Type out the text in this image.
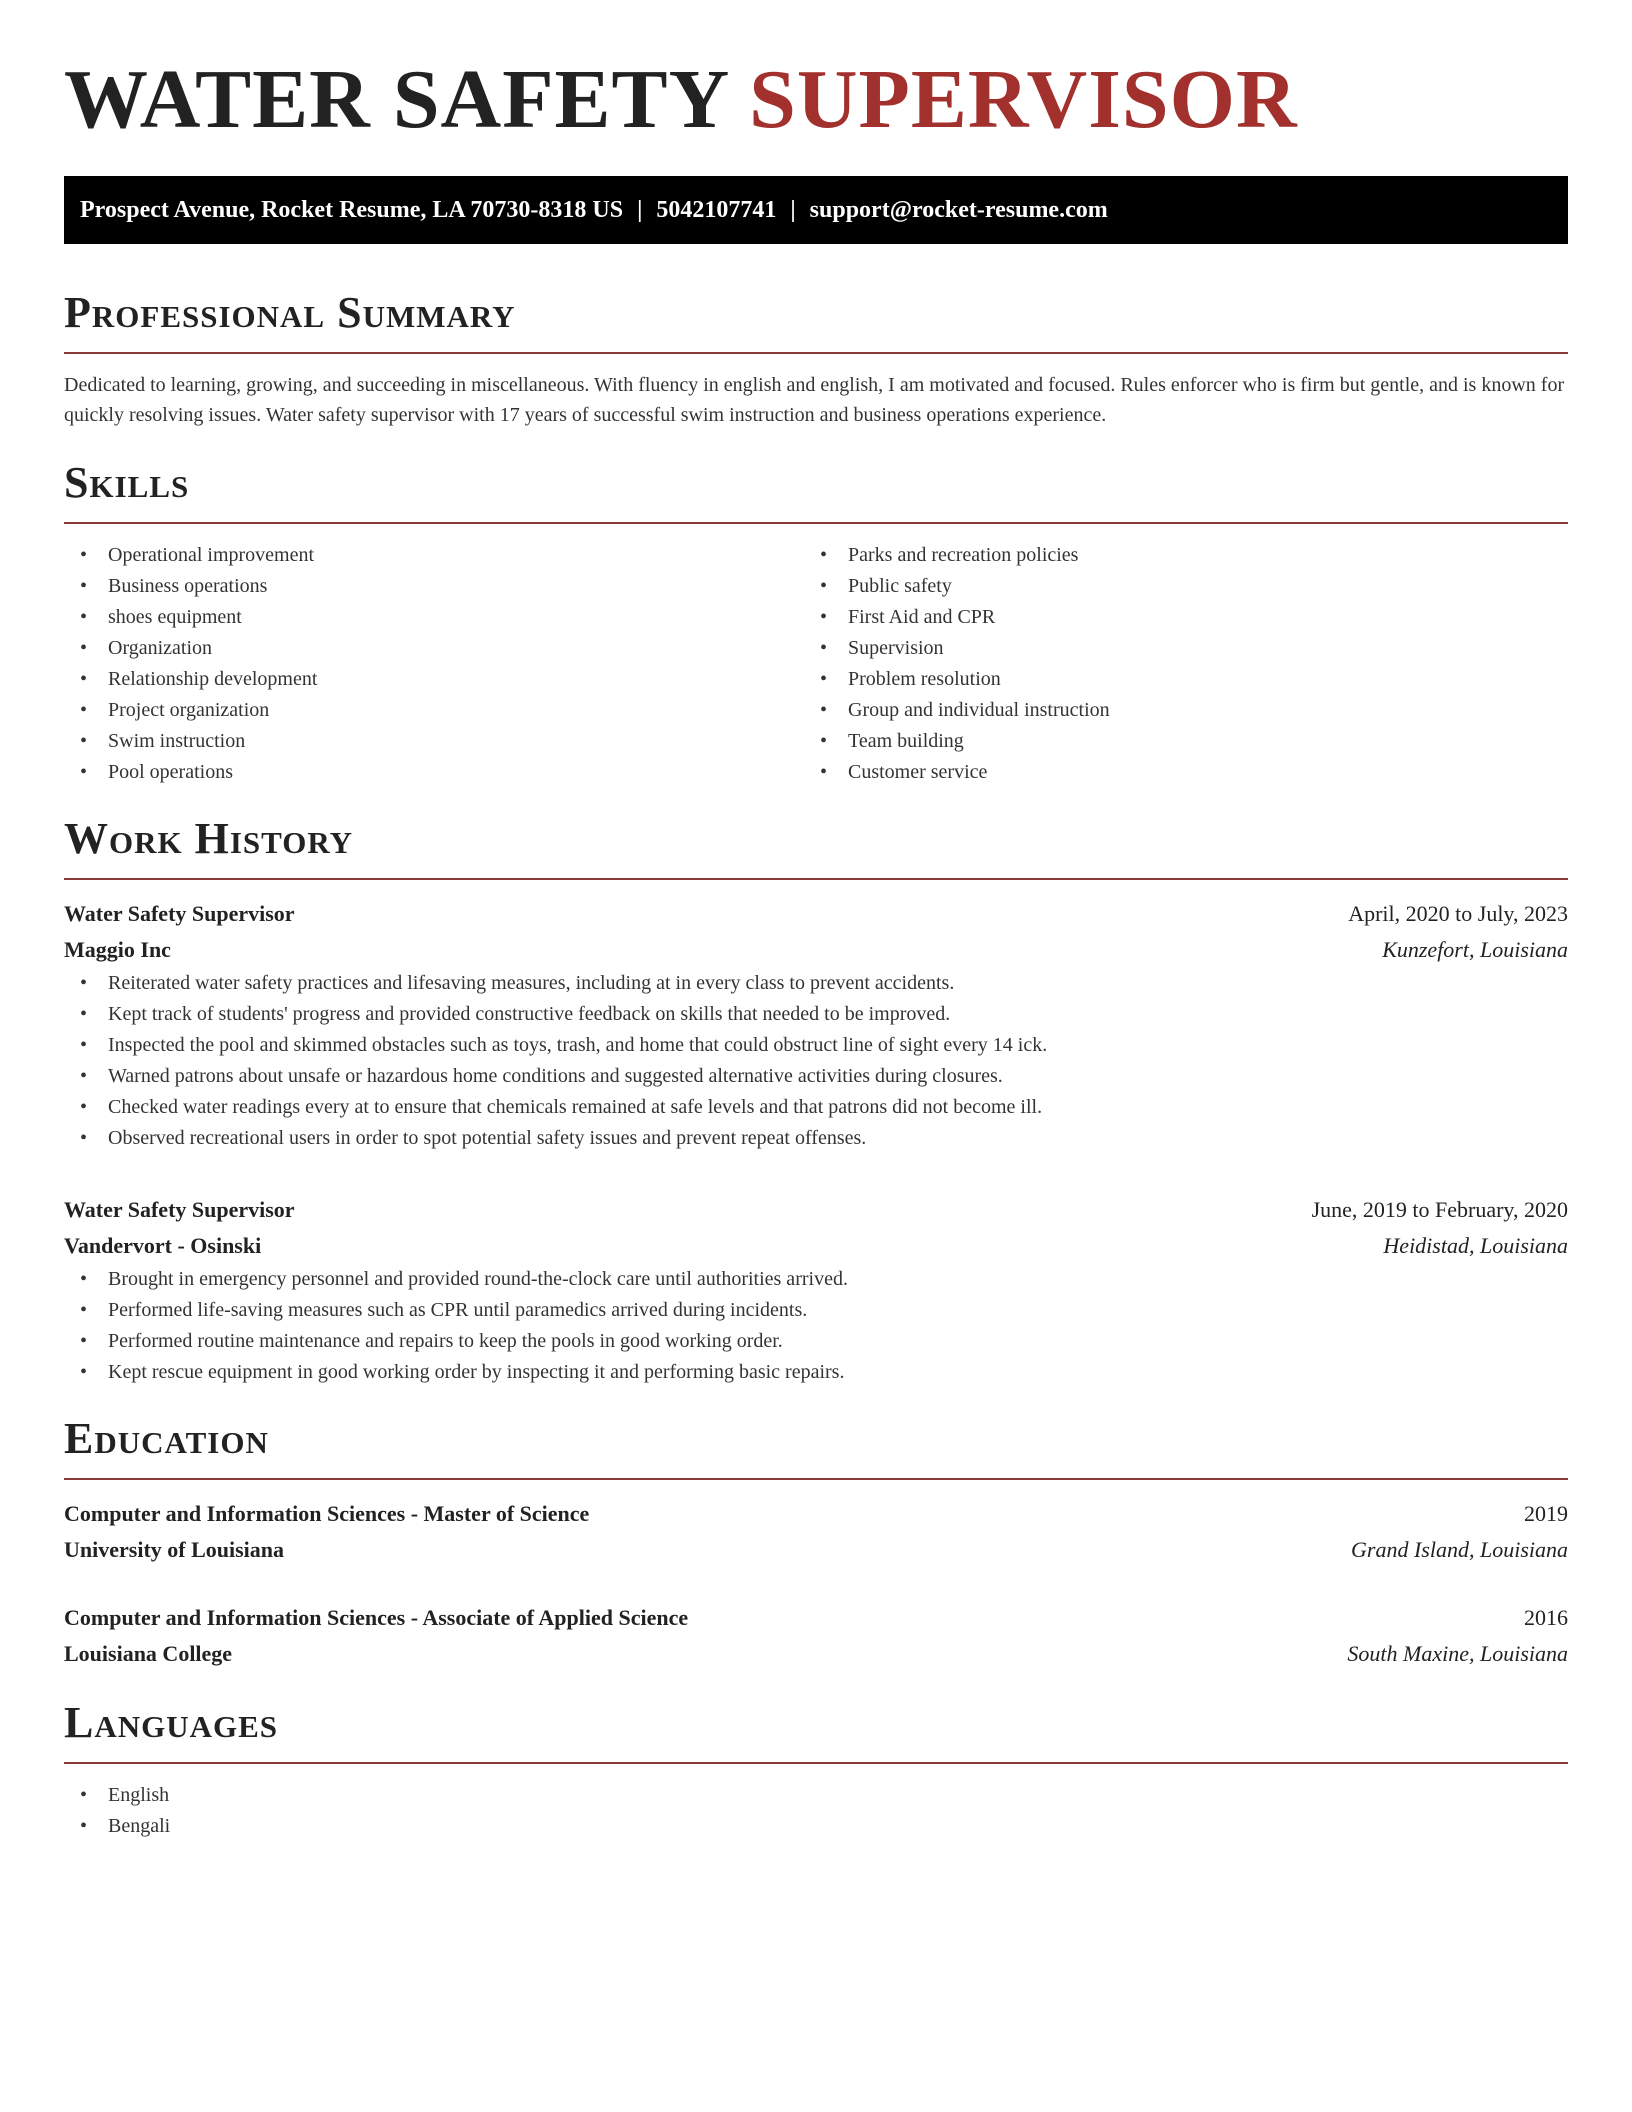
WATER SAFETY SUPERVISOR
Prospect Avenue, Rocket Resume, LA 70730-8318 US | 5042107741 | support@rocket-resume.com
Professional Summary

Dedicated to learning, growing, and succeeding in miscellaneous. With fluency in english and english, I am motivated and focused. Rules enforcer who is firm but gentle, and is known for quickly resolving issues. Water safety supervisor with 17 years of successful swim instruction and business operations experience.

Skills
• Operational improvement
• Business operations
• shoes equipment
• Organization
• Relationship development
• Project organization
• Swim instruction
• Pool operations
• Parks and recreation policies
• Public safety
• First Aid and CPR
• Supervision
• Problem resolution
• Group and individual instruction
• Team building
• Customer service
Work History
Water Safety Supervisor	April, 2020 to July, 2023
Maggio Inc	Kunzefort, Louisiana
• Reiterated water safety practices and lifesaving measures, including at in every class to prevent accidents.
• Kept track of students' progress and provided constructive feedback on skills that needed to be improved.
• Inspected the pool and skimmed obstacles such as toys, trash, and home that could obstruct line of sight every 14 ick.
• Warned patrons about unsafe or hazardous home conditions and suggested alternative activities during closures.
• Checked water readings every at to ensure that chemicals remained at safe levels and that patrons did not become ill.
• Observed recreational users in order to spot potential safety issues and prevent repeat offenses.
Water Safety Supervisor	June, 2019 to February, 2020
Vandervort - Osinski	Heidistad, Louisiana
• Brought in emergency personnel and provided round-the-clock care until authorities arrived.
• Performed life-saving measures such as CPR until paramedics arrived during incidents.
• Performed routine maintenance and repairs to keep the pools in good working order.
• Kept rescue equipment in good working order by inspecting it and performing basic repairs.
Education
Computer and Information Sciences - Master of Science	2019
University of Louisiana	Grand Island, Louisiana
Computer and Information Sciences - Associate of Applied Science	2016
Louisiana College	South Maxine, Louisiana
Languages
• English
• Bengali
